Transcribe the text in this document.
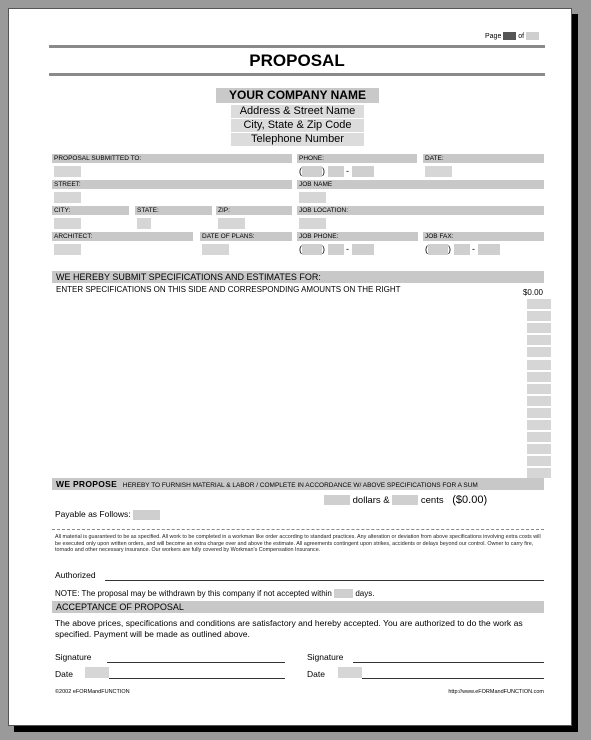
Page of
PROPOSAL
YOUR COMPANY NAME
Address & Street Name
City, State & Zip Code
Telephone Number
PROPOSAL SUBMITTED TO:	PHONE:	DATE:
( ) -
STREET:	JOB NAME
CITY:	STATE:	ZIP:	JOB LOCATION:
ARCHITECT:	DATE OF PLANS:	JOB PHONE:	JOB FAX:
( ) -	( ) -
WE HEREBY SUBMIT SPECIFICATIONS AND ESTIMATES FOR:
ENTER SPECIFICATIONS ON THIS SIDE AND CORRESPONDING AMOUNTS ON THE RIGHT	$0.00
WE PROPOSE HEREBY TO FURNISH MATERIAL & LABOR / COMPLETE IN ACCORDANCE W/ ABOVE SPECIFICATIONS FOR A SUM
dollars &	cents ($0.00)
Payable as Follows:
All material is guaranteed to be as specified. All work to be completed in a workman like order according to standard practices. Any alteration or deviation from above specifications involving extra costs will be executed only upon written orders, and will become an extra charge over and above the estimate. All agreements contingent upon strikes, accidents or delays beyond our control. Owner to carry fire, tornado and other necessary insurance. Our workers are fully covered by Workman's Compensation Insurance.
Authorized
NOTE: The proposal may be withdrawn by this company if not accepted within	days.
ACCEPTANCE OF PROPOSAL
The above prices, specifications and conditions are satisfactory and hereby accepted. You are authorized to do the work as specified. Payment will be made as outlined above.
Signature	Signature
Date	Date
©2002 eFORMandFUNCTION	http://www.eFORMandFUNCTION.com
